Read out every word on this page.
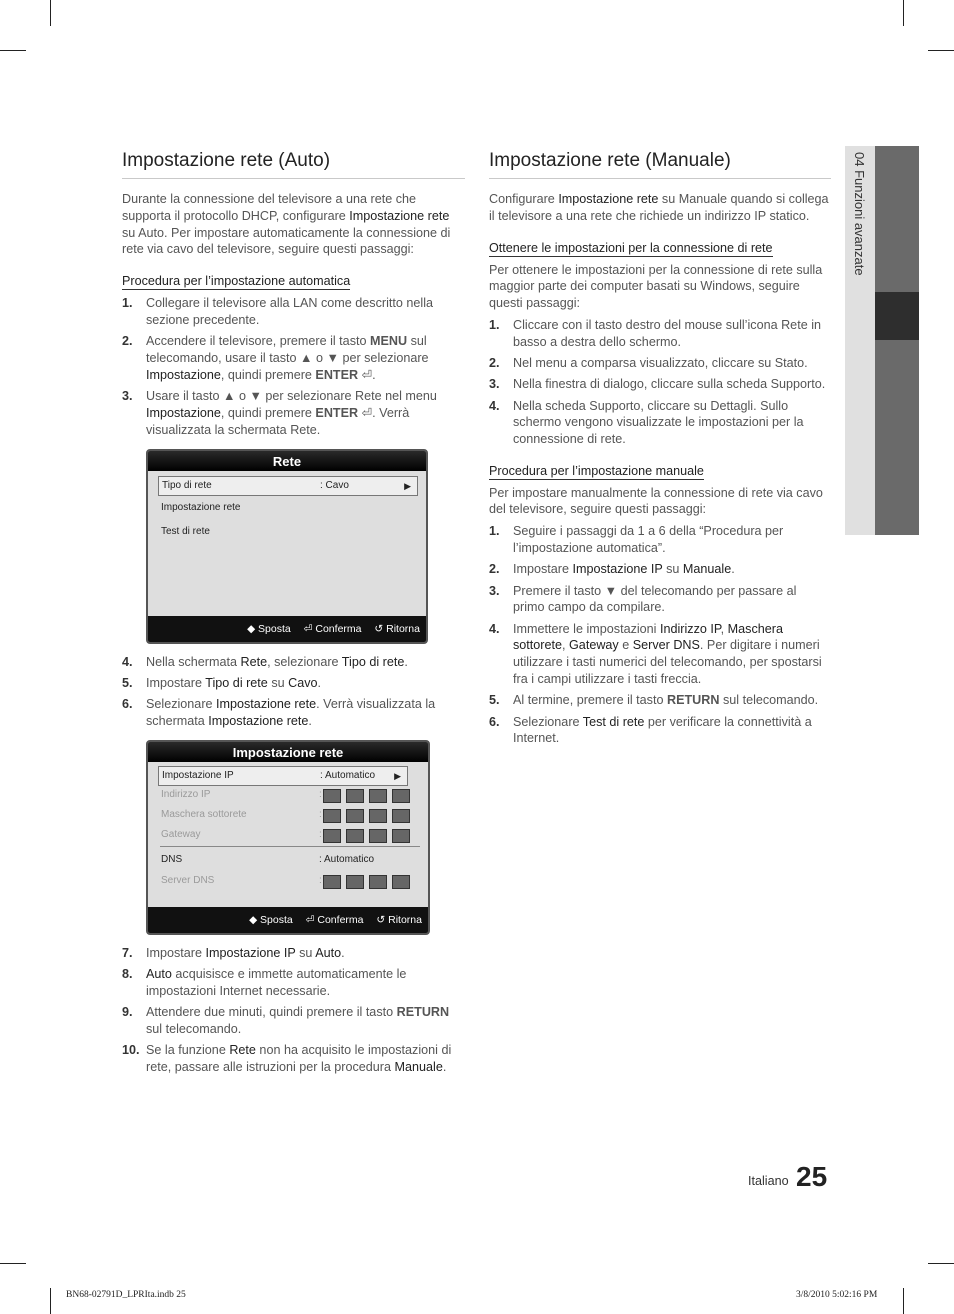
Impostazione rete (Auto)

Durante la connessione del televisore a una rete che supporta il protocollo DHCP, configurare Impostazione rete su Auto. Per impostare automaticamente la connessione di rete via cavo del televisore, seguire questi passaggi:

Procedura per l’impostazione automatica
1. Collegare il televisore alla LAN come descritto nella sezione precedente.
2. Accendere il televisore, premere il tasto MENU sul telecomando, usare il tasto ▲ o ▼ per selezionare Impostazione, quindi premere ENTER ⏎.
3. Usare il tasto ▲ o ▼ per selezionare Rete nel menu Impostazione, quindi premere ENTER ⏎. Verrà visualizzata la schermata Rete.
Rete
Tipo di rete	: Cavo	▶
Impostazione rete
Test di rete
◆ Sposta ⏎ Conferma ↺ Ritorna
4. Nella schermata Rete, selezionare Tipo di rete.
5. Impostare Tipo di rete su Cavo.
6. Selezionare Impostazione rete. Verrà visualizzata la schermata Impostazione rete.
Impostazione rete
Impostazione IP	: Automatico ▶
Indirizzo IP	:
Maschera sottorete	:
Gateway	:
DNS	: Automatico
Server DNS	:
◆ Sposta ⏎ Conferma ↺ Ritorna
7. Impostare Impostazione IP su Auto.
8. Auto acquisisce e immette automaticamente le impostazioni Internet necessarie.
9. Attendere due minuti, quindi premere il tasto RETURN sul telecomando.
10. Se la funzione Rete non ha acquisito le impostazioni di rete, passare alle istruzioni per la procedura Manuale.
Impostazione rete (Manuale)

Configurare Impostazione rete su Manuale quando si collega il televisore a una rete che richiede un indirizzo IP statico.

Ottenere le impostazioni per la connessione di rete

Per ottenere le impostazioni per la connessione di rete sulla maggior parte dei computer basati su Windows, seguire questi passaggi:

1. Cliccare con il tasto destro del mouse sull’icona Rete in basso a destra dello schermo.
2. Nel menu a comparsa visualizzato, cliccare su Stato.
3. Nella finestra di dialogo, cliccare sulla scheda Supporto.
4. Nella scheda Supporto, cliccare su Dettagli. Sullo schermo vengono visualizzate le impostazioni per la connessione di rete.
Procedura per l’impostazione manuale

Per impostare manualmente la connessione di rete via cavo del televisore, seguire questi passaggi:

1. Seguire i passaggi da 1 a 6 della “Procedura per l’impostazione automatica”.
2. Impostare Impostazione IP su Manuale.
3. Premere il tasto ▼ del telecomando per passare al primo campo da compilare.
4. Immettere le impostazioni Indirizzo IP, Maschera sottorete, Gateway e Server DNS. Per digitare i numeri utilizzare i tasti numerici del telecomando, per spostarsi fra i campi utilizzare i tasti freccia.
5. Al termine, premere il tasto RETURN sul telecomando.
6. Selezionare Test di rete per verificare la connettività a Internet.
04 Funzioni avanzate
Italiano 25
BN68-02791D_LPRIta.indb 25	3/8/2010 5:02:16 PM
